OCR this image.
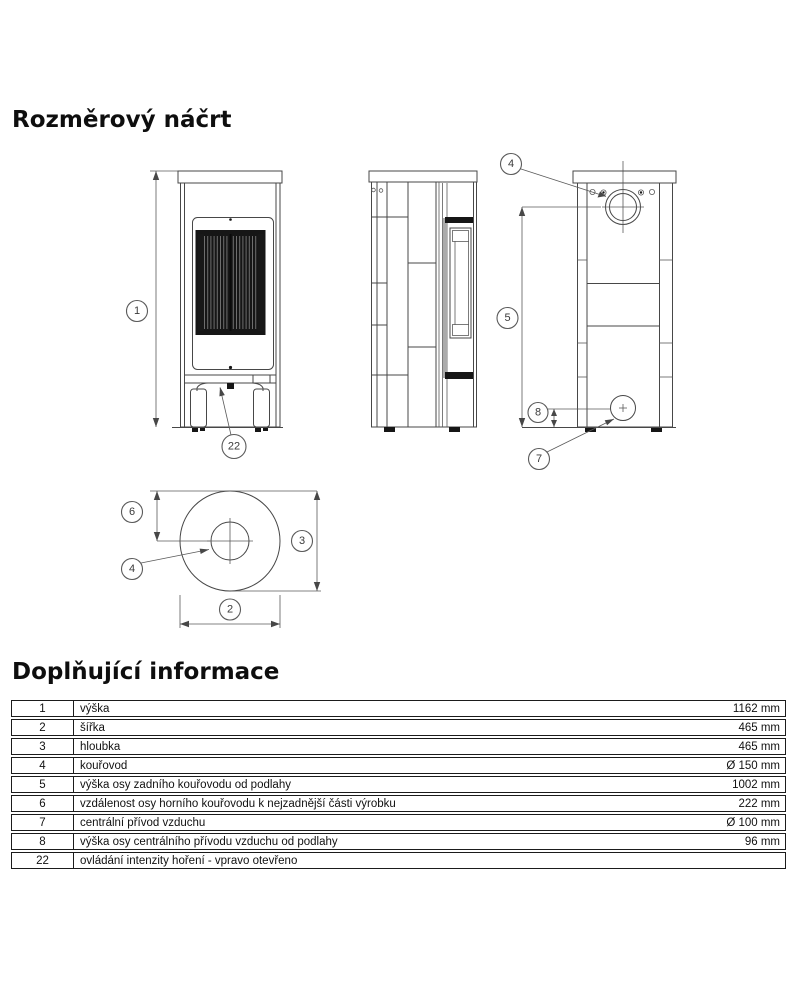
Rozměrový náčrt
1
22
4
5
8
7
6
4
3
2
Doplňující informace
1	výška	1162 mm
2	šířka	465 mm
3	hloubka	465 mm
4	kouřovod	Ø 150 mm
5	výška osy zadního kouřovodu od podlahy	1002 mm
6	vzdálenost osy horního kouřovodu k nejzadnější části výrobku	222 mm
7	centrální přívod vzduchu	Ø 100 mm
8	výška osy centrálního přívodu vzduchu od podlahy	96 mm
22	ovládání intenzity hoření - vpravo otevřeno
